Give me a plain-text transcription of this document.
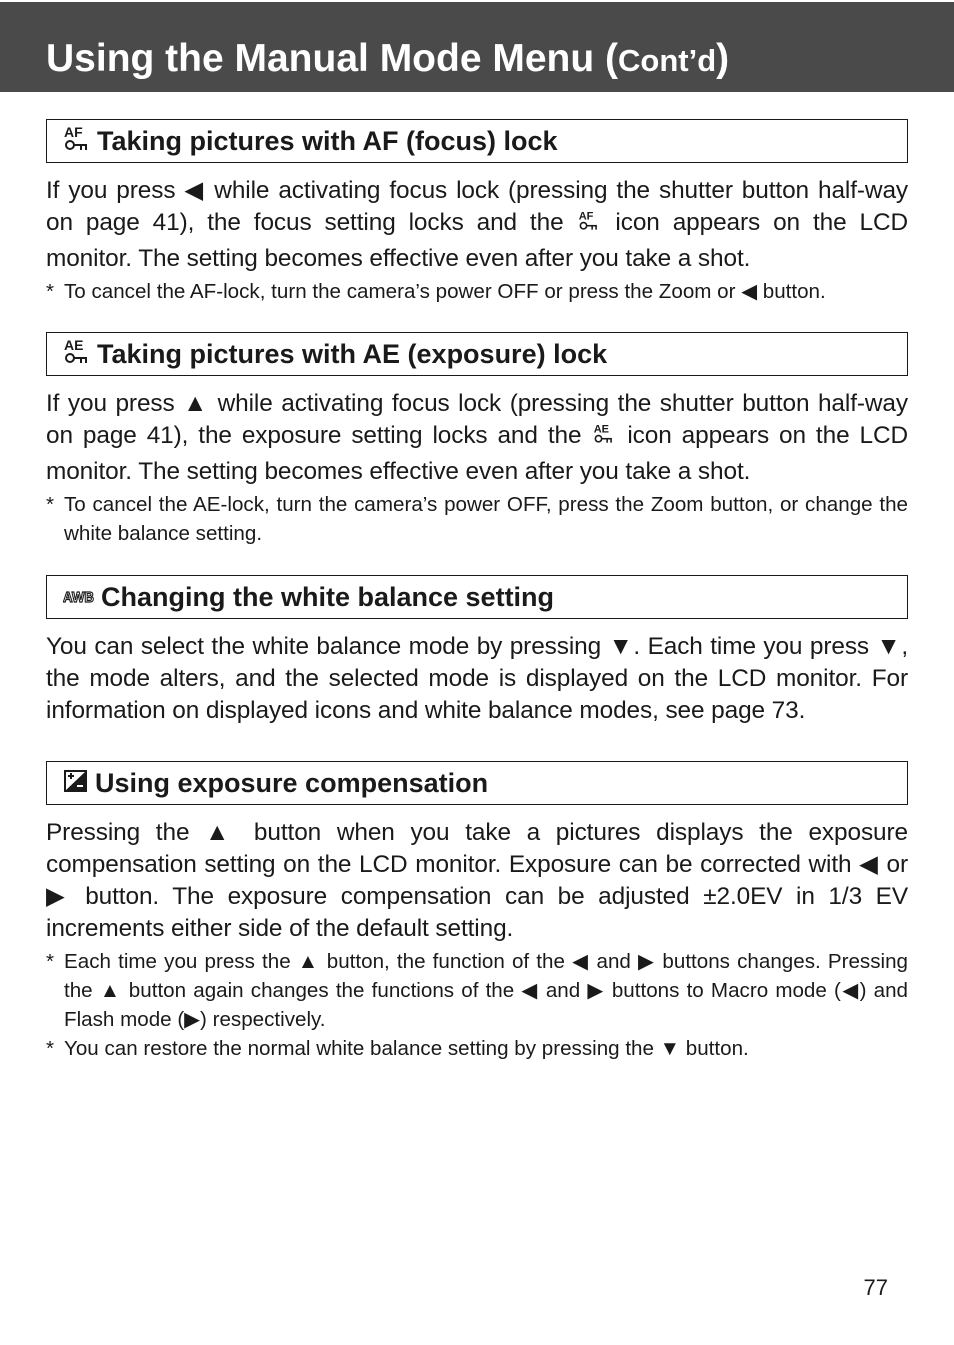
Using the Manual Mode Menu (Cont’d)
AF Taking pictures with AF (focus) lock

If you press ◀ while activating focus lock (pressing the shutter button half-way on page 41), the focus setting locks and the AF icon appears on the LCD monitor. The setting becomes effective even after you take a shot.

* To cancel the AF-lock, turn the camera’s power OFF or press the Zoom or ◀ button.
AE Taking pictures with AE (exposure) lock

If you press ▲ while activating focus lock (pressing the shutter button half-way on page 41), the exposure setting locks and the AE icon appears on the LCD monitor. The setting becomes effective even after you take a shot.

* To cancel the AE-lock, turn the camera’s power OFF, press the Zoom button, or change the white balance setting.
AWB Changing the white balance setting

You can select the white balance mode by pressing ▼. Each time you press ▼, the mode alters, and the selected mode is displayed on the LCD monitor. For information on displayed icons and white balance modes, see page 73.

Using exposure compensation

Pressing the ▲ button when you take a pictures displays the exposure compensation setting on the LCD monitor. Exposure can be corrected with ◀ or ▶ button. The exposure compensation can be adjusted ±2.0EV in 1/3 EV increments either side of the default setting.

* Each time you press the ▲ button, the function of the ◀ and ▶ buttons changes. Pressing the ▲ button again changes the functions of the ◀ and ▶ buttons to Macro mode (◀) and Flash mode (▶) respectively.
* You can restore the normal white balance setting by pressing the ▼ button.
77
